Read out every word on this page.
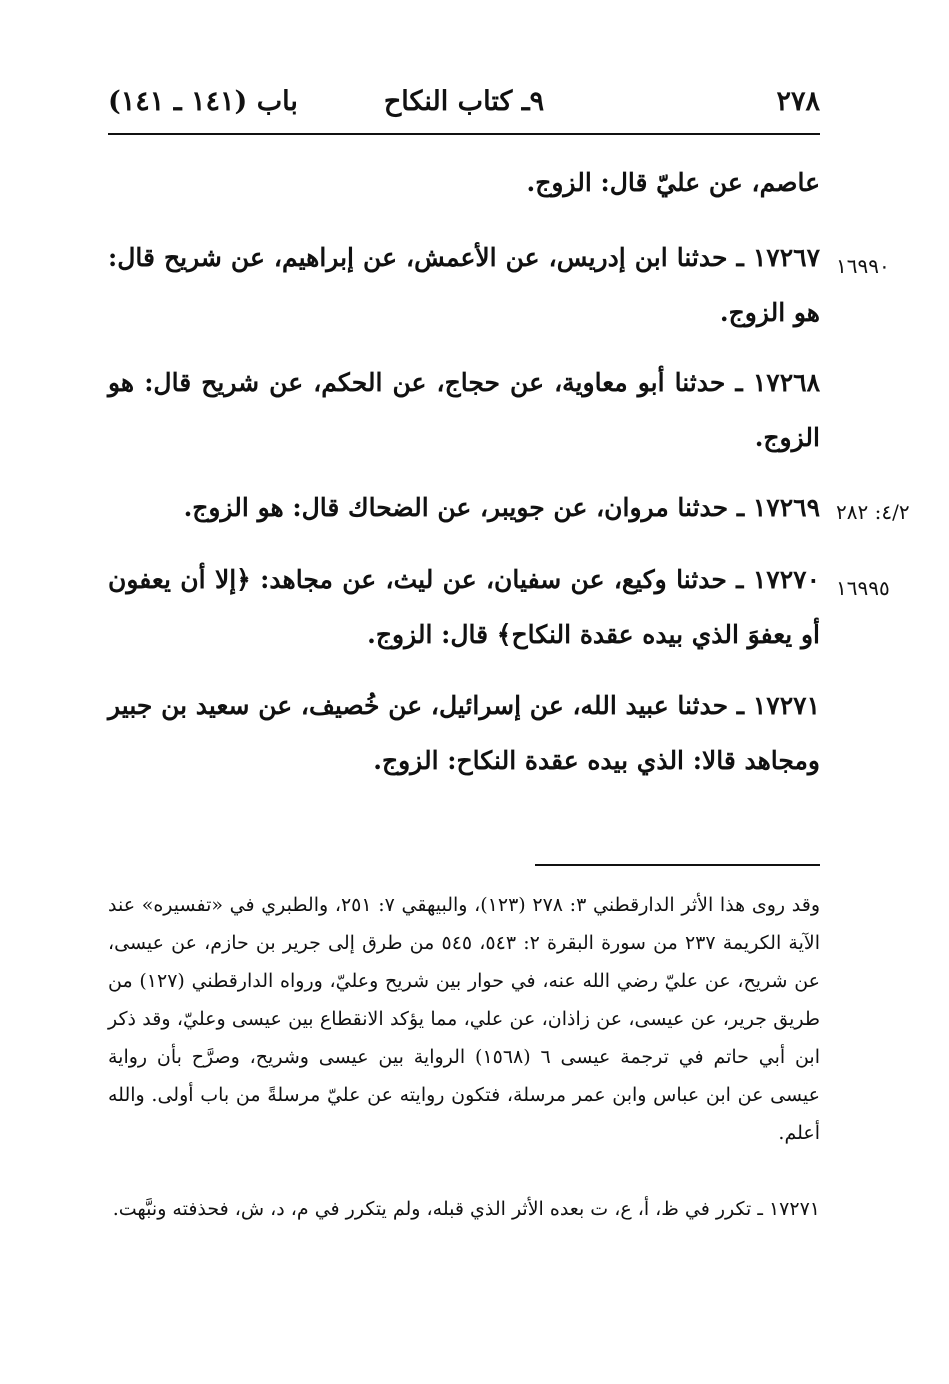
٢٧٨
٩ـ كتاب النكاح
باب (١٤١ ـ ١٤١)
عاصم، عن عليّ قال: الزوج.
١٦٩٩٠
١٧٢٦٧ ـ حدثنا ابن إدريس، عن الأعمش، عن إبراهيم، عن شريح قال: هو الزوج.
١٧٢٦٨ ـ حدثنا أبو معاوية، عن حجاج، عن الحكم، عن شريح قال: هو الزوج.
٤/٢: ٢٨٢
١٧٢٦٩ ـ حدثنا مروان، عن جويبر، عن الضحاك قال: هو الزوج.
١٦٩٩٥
١٧٢٧٠ ـ حدثنا وكيع، عن سفيان، عن ليث، عن مجاهد: ﴿إلا أن يعفون أو يعفوَ الذي بيده عقدة النكاح﴾ قال: الزوج.
١٧٢٧١ ـ حدثنا عبيد الله، عن إسرائيل، عن خُصيف، عن سعيد بن جبير ومجاهد قالا: الذي بيده عقدة النكاح: الزوج.
وقد روى هذا الأثر الدارقطني ٣: ٢٧٨ (١٢٣)، والبيهقي ٧: ٢٥١، والطبري في «تفسيره» عند الآية الكريمة ٢٣٧ من سورة البقرة ٢: ٥٤٣، ٥٤٥ من طرق إلى جرير بن حازم، عن عيسى، عن شريح، عن عليّ رضي الله عنه، في حوار بين شريح وعليّ، ورواه الدارقطني (١٢٧) من طريق جرير، عن عيسى، عن زاذان، عن علي، مما يؤكد الانقطاع بين عيسى وعليّ، وقد ذكر ابن أبي حاتم في ترجمة عيسى ٦ (١٥٦٨) الرواية بين عيسى وشريح، وصرَّح بأن رواية عيسى عن ابن عباس وابن عمر مرسلة، فتكون روايته عن عليّ مرسلةً من باب أولى. والله أعلم.
١٧٢٧١ ـ تكرر في ظ، أ، ع، ت بعده الأثر الذي قبله، ولم يتكرر في م، د، ش، فحذفته ونبَّهت.
